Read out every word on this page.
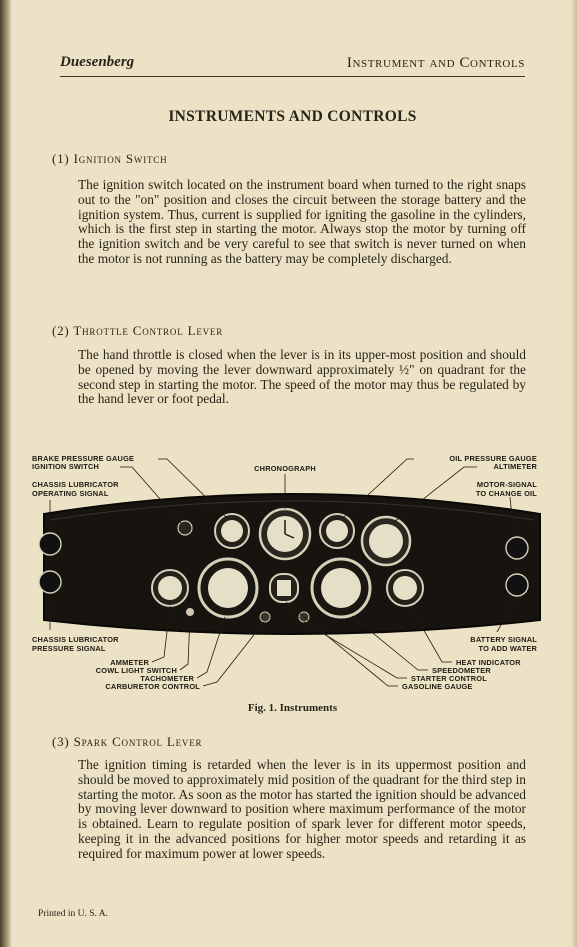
Duesenberg	Instrument and Controls
INSTRUMENTS AND CONTROLS
(1) Ignition Switch
The ignition switch located on the instrument board when turned to the right snaps out to the "on" position and closes the circuit between the storage battery and the ignition system. Thus, current is supplied for igniting the gasoline in the cylinders, which is the first step in starting the motor. Always stop the motor by turning off the ignition switch and be very careful to see that switch is never turned on when the motor is not running as the battery may be completely discharged.
(2) Throttle Control Lever
The hand throttle is closed when the lever is in its upper-most position and should be opened by moving the lever downward approximately ½" on quadrant for the second step in starting the motor. The speed of the motor may thus be regulated by the hand lever or foot pedal.
BRAKE PRESSURE GAUGE
IGNITION SWITCH
CHASSIS LUBRICATOR
OPERATING SIGNAL
CHRONOGRAPH
OIL PRESSURE GAUGE
ALTIMETER
MOTOR-SIGNAL
TO CHANGE OIL
CHASSIS LUBRICATOR
PRESSURE SIGNAL
AMMETER
COWL LIGHT SWITCH
TACHOMETER
CARBURETOR CONTROL
BATTERY SIGNAL
TO ADD WATER
HEAT INDICATOR
SPEEDOMETER
STARTER CONTROL
GASOLINE GAUGE
Fig. 1. Instruments
(3) Spark Control Lever
The ignition timing is retarded when the lever is in its uppermost position and should be moved to approximately mid position of the quadrant for the third step in starting the motor. As soon as the motor has started the ignition should be advanced by moving lever downward to position where maximum performance of the motor is obtained. Learn to regulate position of spark lever for different motor speeds, keeping it in the advanced positions for higher motor speeds and retarding it as required for maximum power at lower speeds.
Printed in U. S. A.
